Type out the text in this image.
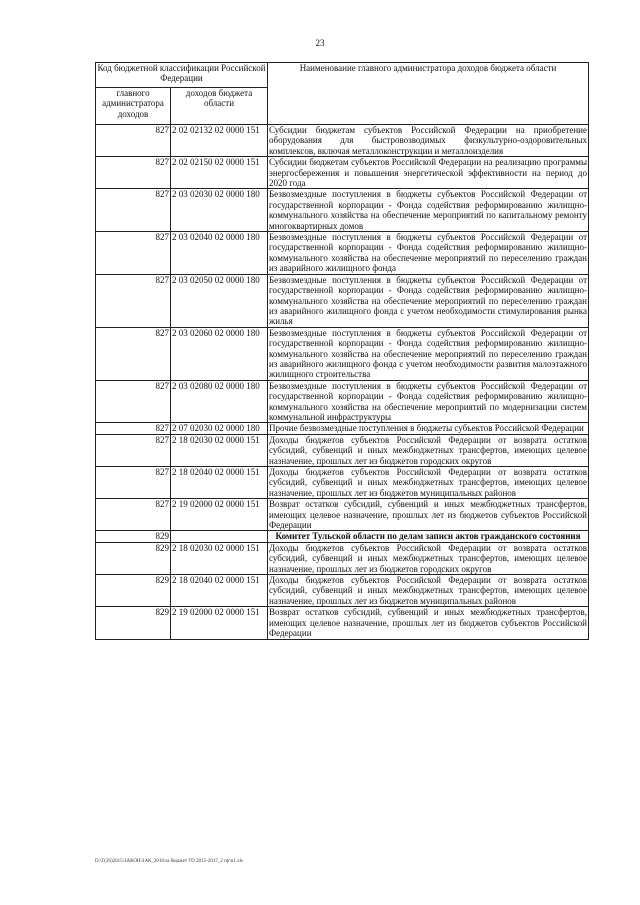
23
Код бюджетной классификации Российской Федерации		Наименование главного администратора доходов бюджета области
главного администратора доходов	доходов бюджета области	
827	2 02 02132 02 0000 151	Субсидии бюджетам субъектов Российской Федерации на приобретение оборудования для быстровозводимых физкультурно-оздоровительных комплексов, включая металлоконструкции и металлоизделия
827	2 02 02150 02 0000 151	Субсидии бюджетам субъектов Российской Федерации на реализацию программы энергосбережения и повышения энергетической эффективности на период до 2020 года
827	2 03 02030 02 0000 180	Безвозмездные поступления в бюджеты субъектов Российской Федерации от государственной корпорации - Фонда содействия реформированию жилищно-коммунального хозяйства на обеспечение мероприятий по капитальному ремонту многоквартирных домов
827	2 03 02040 02 0000 180	Безвозмездные поступления в бюджеты субъектов Российской Федерации от государственной корпорации - Фонда содействия реформированию жилищно-коммунального хозяйства на обеспечение мероприятий по переселению граждан из аварийного жилищного фонда
827	2 03 02050 02 0000 180	Безвозмездные поступления в бюджеты субъектов Российской Федерации от государственной корпорации - Фонда содействия реформированию жилищно-коммунального хозяйства на обеспечение мероприятий по переселению граждан из аварийного жилищного фонда с учетом необходимости стимулирования рынка жилья
827	2 03 02060 02 0000 180	Безвозмездные поступления в бюджеты субъектов Российской Федерации от государственной корпорации - Фонда содействия реформированию жилищно-коммунального хозяйства на обеспечение мероприятий по переселению граждан из аварийного жилищного фонда с учетом необходимости развития малоэтажного жилищного строительства
827	2 03 02080 02 0000 180	Безвозмездные поступления в бюджеты субъектов Российской Федерации от государственной корпорации - Фонда содействия реформированию жилищно-коммунального хозяйства на обеспечение мероприятий по модернизации систем коммунальной инфраструктуры
827	2 07 02030 02 0000 180	Прочие безвозмездные поступления в бюджеты субъектов Российской Федерации
827	2 18 02030 02 0000 151	Доходы бюджетов субъектов Российской Федерации от возврата остатков субсидий, субвенций и иных межбюджетных трансфертов, имеющих целевое назначение, прошлых лет из бюджетов городских округов
827	2 18 02040 02 0000 151	Доходы бюджетов субъектов Российской Федерации от возврата остатков субсидий, субвенций и иных межбюджетных трансфертов, имеющих целевое назначение, прошлых лет из бюджетов муниципальных районов
827	2 19 02000 02 0000 151	Возврат остатков субсидий, субвенций и иных межбюджетных трансфертов, имеющих целевое назначение, прошлых лет из бюджетов субъектов Российской Федерации
829		Комитет Тульской области по делам записи актов гражданского состояния
829	2 18 02030 02 0000 151	Доходы бюджетов субъектов Российской Федерации от возврата остатков субсидий, субвенций и иных межбюджетных трансфертов, имеющих целевое назначение, прошлых лет из бюджетов городских округов
829	2 18 02040 02 0000 151	Доходы бюджетов субъектов Российской Федерации от возврата остатков субсидий, субвенций и иных межбюджетных трансфертов, имеющих целевое назначение, прошлых лет из бюджетов муниципальных районов
829	2 19 02000 02 0000 151	Возврат остатков субсидий, субвенций и иных межбюджетных трансфертов, имеющих целевое назначение, прошлых лет из бюджетов субъектов Российской Федерации
D:\Г(26)2015\ЗАКОН\ЗАК_2016\за бюджет ТО 2015-2017_2 пр\п1.xls
